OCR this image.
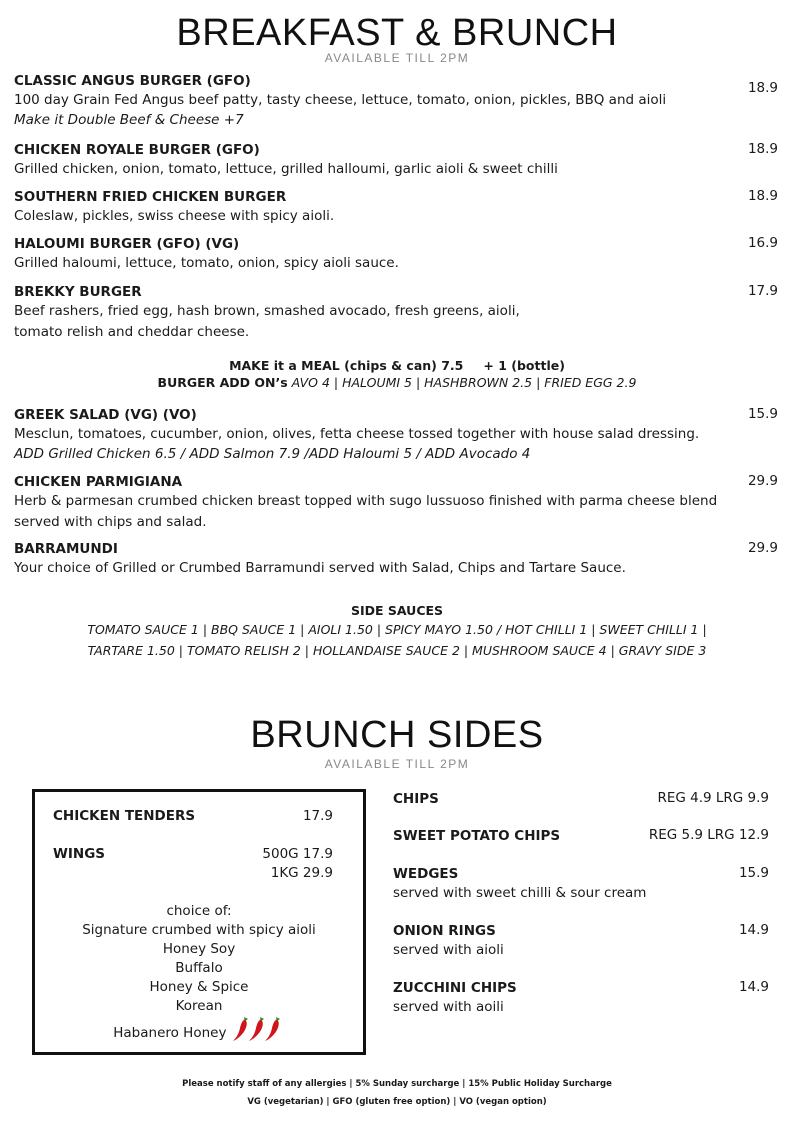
BREAKFAST & BRUNCH
AVAILABLE TILL 2PM
CLASSIC ANGUS BURGER (GFO)
100 day Grain Fed Angus beef patty, tasty cheese, lettuce, tomato, onion, pickles, BBQ and aioli
Make it Double Beef & Cheese +7
18.9
CHICKEN ROYALE BURGER (GFO)
Grilled chicken, onion, tomato, lettuce, grilled halloumi, garlic aioli & sweet chilli
18.9
SOUTHERN FRIED CHICKEN BURGER
Coleslaw, pickles, swiss cheese with spicy aioli.
18.9
HALOUMI BURGER (GFO) (VG)
Grilled haloumi, lettuce, tomato, onion, spicy aioli sauce.
16.9
BREKKY BURGER
Beef rashers, fried egg, hash brown, smashed avocado, fresh greens, aioli,
tomato relish and cheddar cheese.
17.9
MAKE it a MEAL (chips & can) 7.5 + 1 (bottle)
BURGER ADD ON’s AVO 4 | HALOUMI 5 | HASHBROWN 2.5 | FRIED EGG 2.9
GREEK SALAD (VG) (VO)
Mesclun, tomatoes, cucumber, onion, olives, fetta cheese tossed together with house salad dressing.
ADD Grilled Chicken 6.5 / ADD Salmon 7.9 /ADD Haloumi 5 / ADD Avocado 4
15.9
CHICKEN PARMIGIANA
Herb & parmesan crumbed chicken breast topped with sugo lussuoso finished with parma cheese blend
served with chips and salad.
29.9
BARRAMUNDI
Your choice of Grilled or Crumbed Barramundi served with Salad, Chips and Tartare Sauce.
29.9
SIDE SAUCES
TOMATO SAUCE 1 | BBQ SAUCE 1 | AIOLI 1.50 | SPICY MAYO 1.50 / HOT CHILLI 1 | SWEET CHILLI 1 |
TARTARE 1.50 | TOMATO RELISH 2 | HOLLANDAISE SAUCE 2 | MUSHROOM SAUCE 4 | GRAVY SIDE 3
BRUNCH SIDES
AVAILABLE TILL 2PM
CHICKEN TENDERS	17.9
WINGS	500G 17.9
1KG 29.9
choice of:
Signature crumbed with spicy aioli
Honey Soy
Buffalo
Honey & Spice
Korean
Habanero Honey
CHIPS	REG 4.9 LRG 9.9
SWEET POTATO CHIPS	REG 5.9 LRG 12.9
WEDGES
served with sweet chilli & sour cream
15.9
ONION RINGS
served with aioli
14.9
ZUCCHINI CHIPS
served with aoili
14.9
Please notify staff of any allergies | 5% Sunday surcharge | 15% Public Holiday Surcharge
VG (vegetarian) | GFO (gluten free option) | VO (vegan option)
